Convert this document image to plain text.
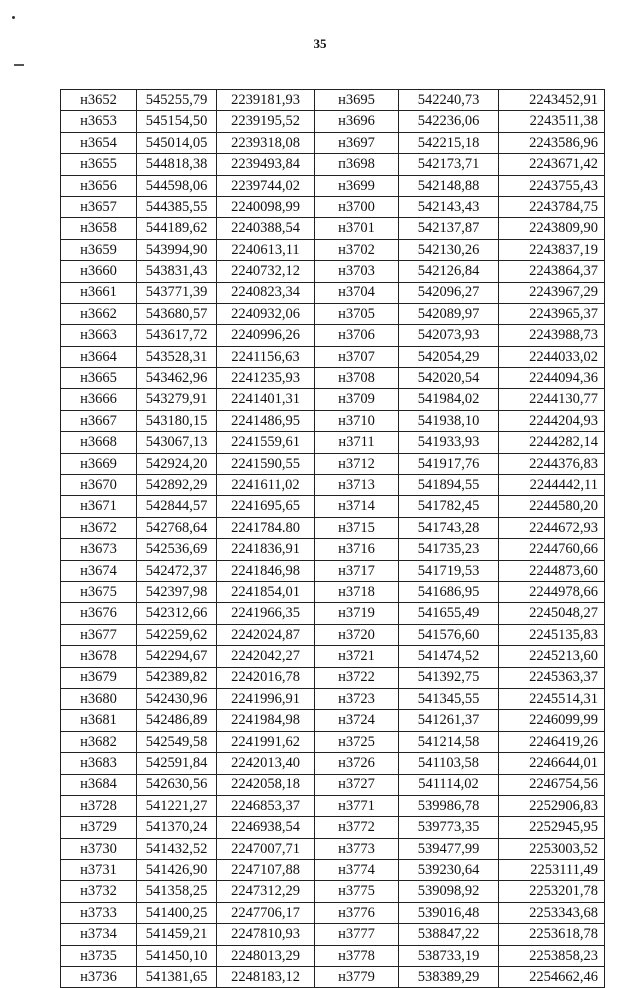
35
н3652	545255,79	2239181,93	н3695	542240,73	2243452,91
н3653	545154,50	2239195,52	н3696	542236,06	2243511,38
н3654	545014,05	2239318,08	н3697	542215,18	2243586,96
н3655	544818,38	2239493,84	п3698	542173,71	2243671,42
н3656	544598,06	2239744,02	н3699	542148,88	2243755,43
н3657	544385,55	2240098,99	н3700	542143,43	2243784,75
н3658	544189,62	2240388,54	н3701	542137,87	2243809,90
н3659	543994,90	2240613,11	н3702	542130,26	2243837,19
н3660	543831,43	2240732,12	н3703	542126,84	2243864,37
н3661	543771,39	2240823,34	н3704	542096,27	2243967,29
н3662	543680,57	2240932,06	н3705	542089,97	2243965,37
н3663	543617,72	2240996,26	н3706	542073,93	2243988,73
н3664	543528,31	2241156,63	н3707	542054,29	2244033,02
н3665	543462,96	2241235,93	н3708	542020,54	2244094,36
н3666	543279,91	2241401,31	н3709	541984,02	2244130,77
н3667	543180,15	2241486,95	н3710	541938,10	2244204,93
н3668	543067,13	2241559,61	н3711	541933,93	2244282,14
н3669	542924,20	2241590,55	н3712	541917,76	2244376,83
н3670	542892,29	2241611,02	н3713	541894,55	2244442,11
н3671	542844,57	2241695,65	н3714	541782,45	2244580,20
н3672	542768,64	2241784.80	н3715	541743,28	2244672,93
н3673	542536,69	2241836,91	н3716	541735,23	2244760,66
н3674	542472,37	2241846,98	н3717	541719,53	2244873,60
н3675	542397,98	2241854,01	н3718	541686,95	2244978,66
н3676	542312,66	2241966,35	н3719	541655,49	2245048,27
н3677	542259,62	2242024,87	н3720	541576,60	2245135,83
н3678	542294,67	2242042,27	н3721	541474,52	2245213,60
н3679	542389,82	2242016,78	н3722	541392,75	2245363,37
н3680	542430,96	2241996,91	н3723	541345,55	2245514,31
н3681	542486,89	2241984,98	н3724	541261,37	2246099,99
н3682	542549,58	2241991,62	н3725	541214,58	2246419,26
н3683	542591,84	2242013,40	н3726	541103,58	2246644,01
н3684	542630,56	2242058,18	н3727	541114,02	2246754,56
н3728	541221,27	2246853,37	н3771	539986,78	2252906,83
н3729	541370,24	2246938,54	н3772	539773,35	2252945,95
н3730	541432,52	2247007,71	н3773	539477,99	2253003,52
н3731	541426,90	2247107,88	н3774	539230,64	2253111,49
н3732	541358,25	2247312,29	н3775	539098,92	2253201,78
н3733	541400,25	2247706,17	н3776	539016,48	2253343,68
н3734	541459,21	2247810,93	н3777	538847,22	2253618,78
н3735	541450,10	2248013,29	н3778	538733,19	2253858,23
н3736	541381,65	2248183,12	н3779	538389,29	2254662,46
